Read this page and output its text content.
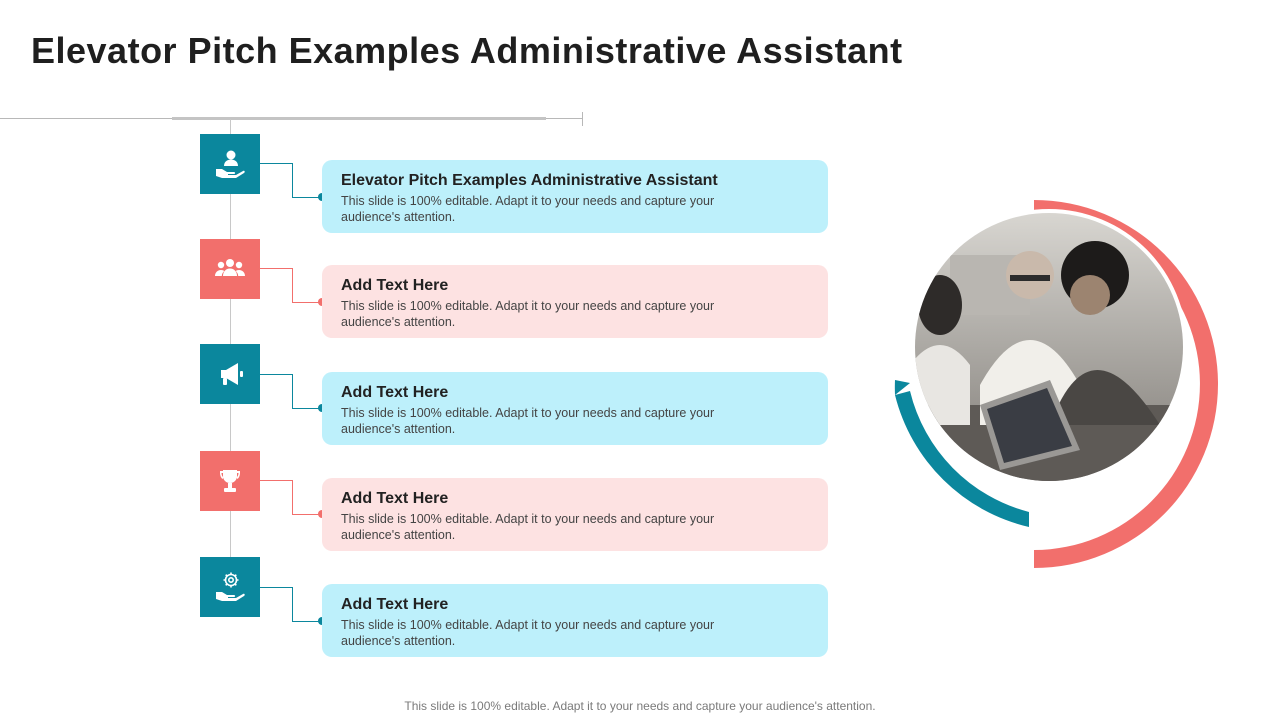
Elevator Pitch Examples Administrative Assistant
Elevator Pitch Examples Administrative Assistant
This slide is 100% editable. Adapt it to your needs and capture your audience's attention.
Add Text Here
This slide is 100% editable. Adapt it to your needs and capture your audience's attention.
Add Text Here
This slide is 100% editable. Adapt it to your needs and capture your audience's attention.
Add Text Here
This slide is 100% editable. Adapt it to your needs and capture your audience's attention.
Add Text Here
This slide is 100% editable. Adapt it to your needs and capture your audience's attention.
This slide is 100% editable. Adapt it to your needs and capture your audience's attention.
